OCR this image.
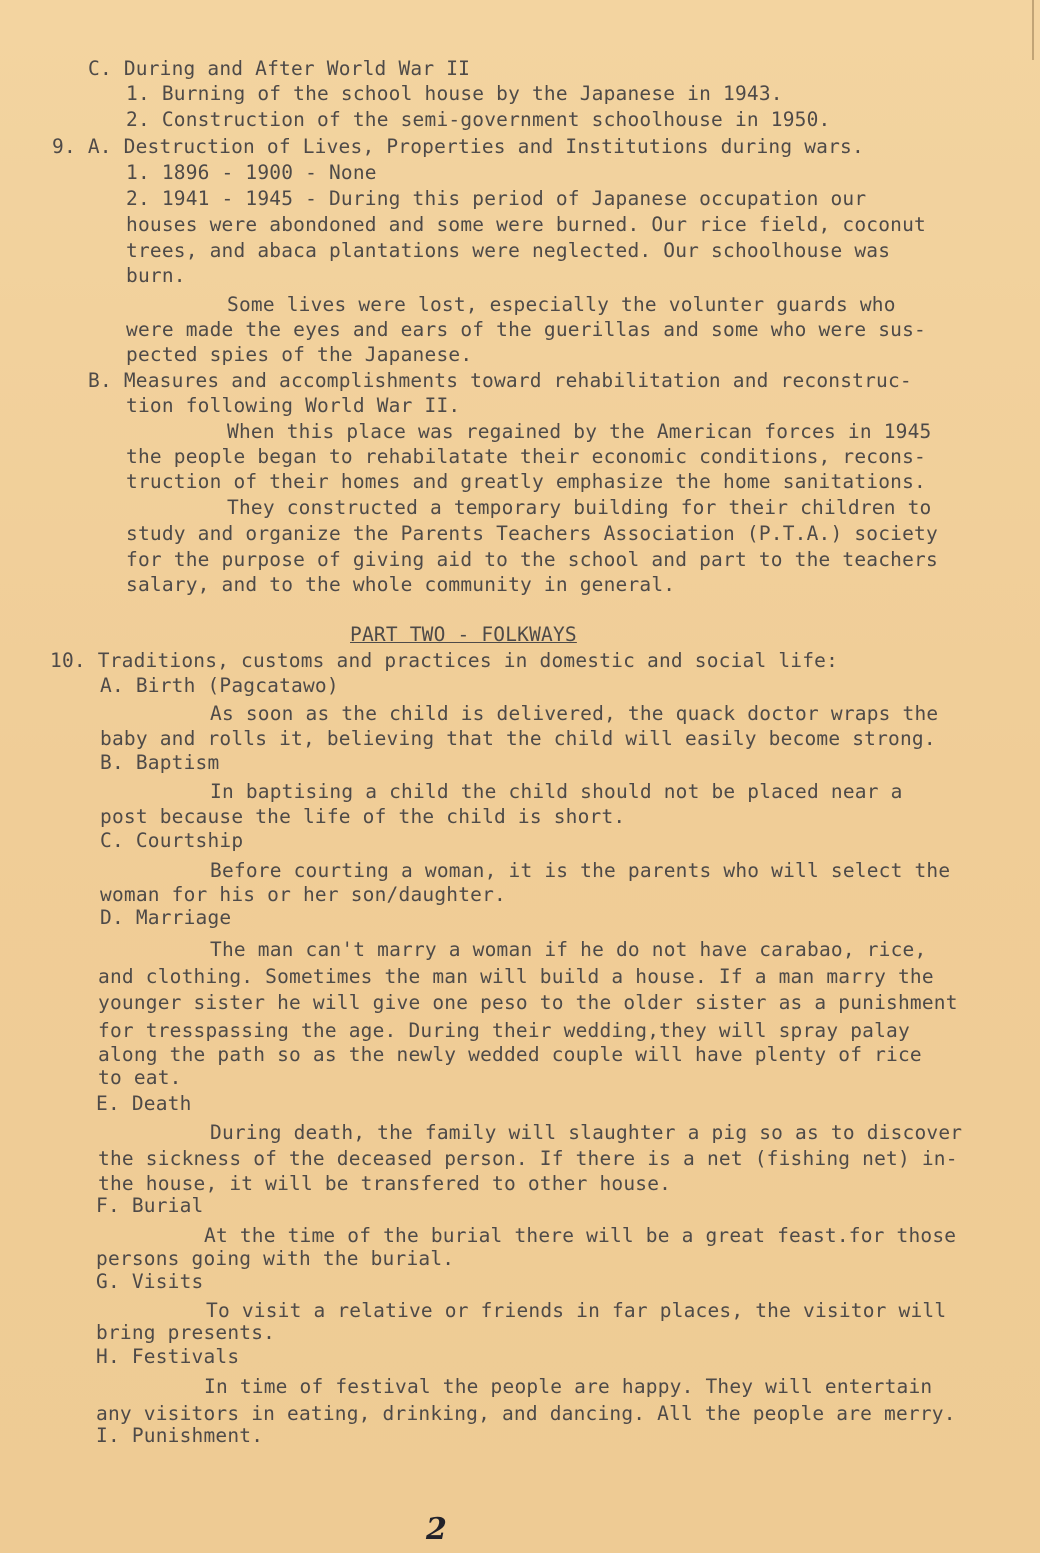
C. During and After World War II
1. Burning of the school house by the Japanese in 1943.
2. Construction of the semi-government schoolhouse in 1950.
9. A. Destruction of Lives, Properties and Institutions during wars.
1. 1896 - 1900 - None
2. 1941 - 1945 - During this period of Japanese occupation our
houses were abondoned and some were burned. Our rice field, coconut
trees, and abaca plantations were neglected. Our schoolhouse was
burn.
Some lives were lost, especially the volunter guards who
were made the eyes and ears of the guerillas and some who were sus-
pected spies of the Japanese.
B. Measures and accomplishments toward rehabilitation and reconstruc-
tion following World War II.
When this place was regained by the American forces in 1945
the people began to rehabilatate their economic conditions, recons-
truction of their homes and greatly emphasize the home sanitations.
They constructed a temporary building for their children to
study and organize the Parents Teachers Association (P.T.A.) society
for the purpose of giving aid to the school and part to the teachers
salary, and to the whole community in general.
PART TWO - FOLKWAYS
10. Traditions, customs and practices in domestic and social life:
A. Birth (Pagcatawo)
As soon as the child is delivered, the quack doctor wraps the
baby and rolls it, believing that the child will easily become strong.
B. Baptism
In baptising a child the child should not be placed near a
post because the life of the child is short.
C. Courtship
Before courting a woman, it is the parents who will select the
woman for his or her son/daughter.
D. Marriage
The man can't marry a woman if he do not have carabao, rice,
and clothing. Sometimes the man will build a house. If a man marry the
younger sister he will give one peso to the older sister as a punishment
for tresspassing the age. During their wedding,they will spray palay
along the path so as the newly wedded couple will have plenty of rice
to eat.
E. Death
During death, the family will slaughter a pig so as to discover
the sickness of the deceased person. If there is a net (fishing net) in-
the house, it will be transfered to other house.
F. Burial
At the time of the burial there will be a great feast.for those
persons going with the burial.
G. Visits
To visit a relative or friends in far places, the visitor will
bring presents.
H. Festivals
In time of festival the people are happy. They will entertain
any visitors in eating, drinking, and dancing. All the people are merry.
I. Punishment.
2
